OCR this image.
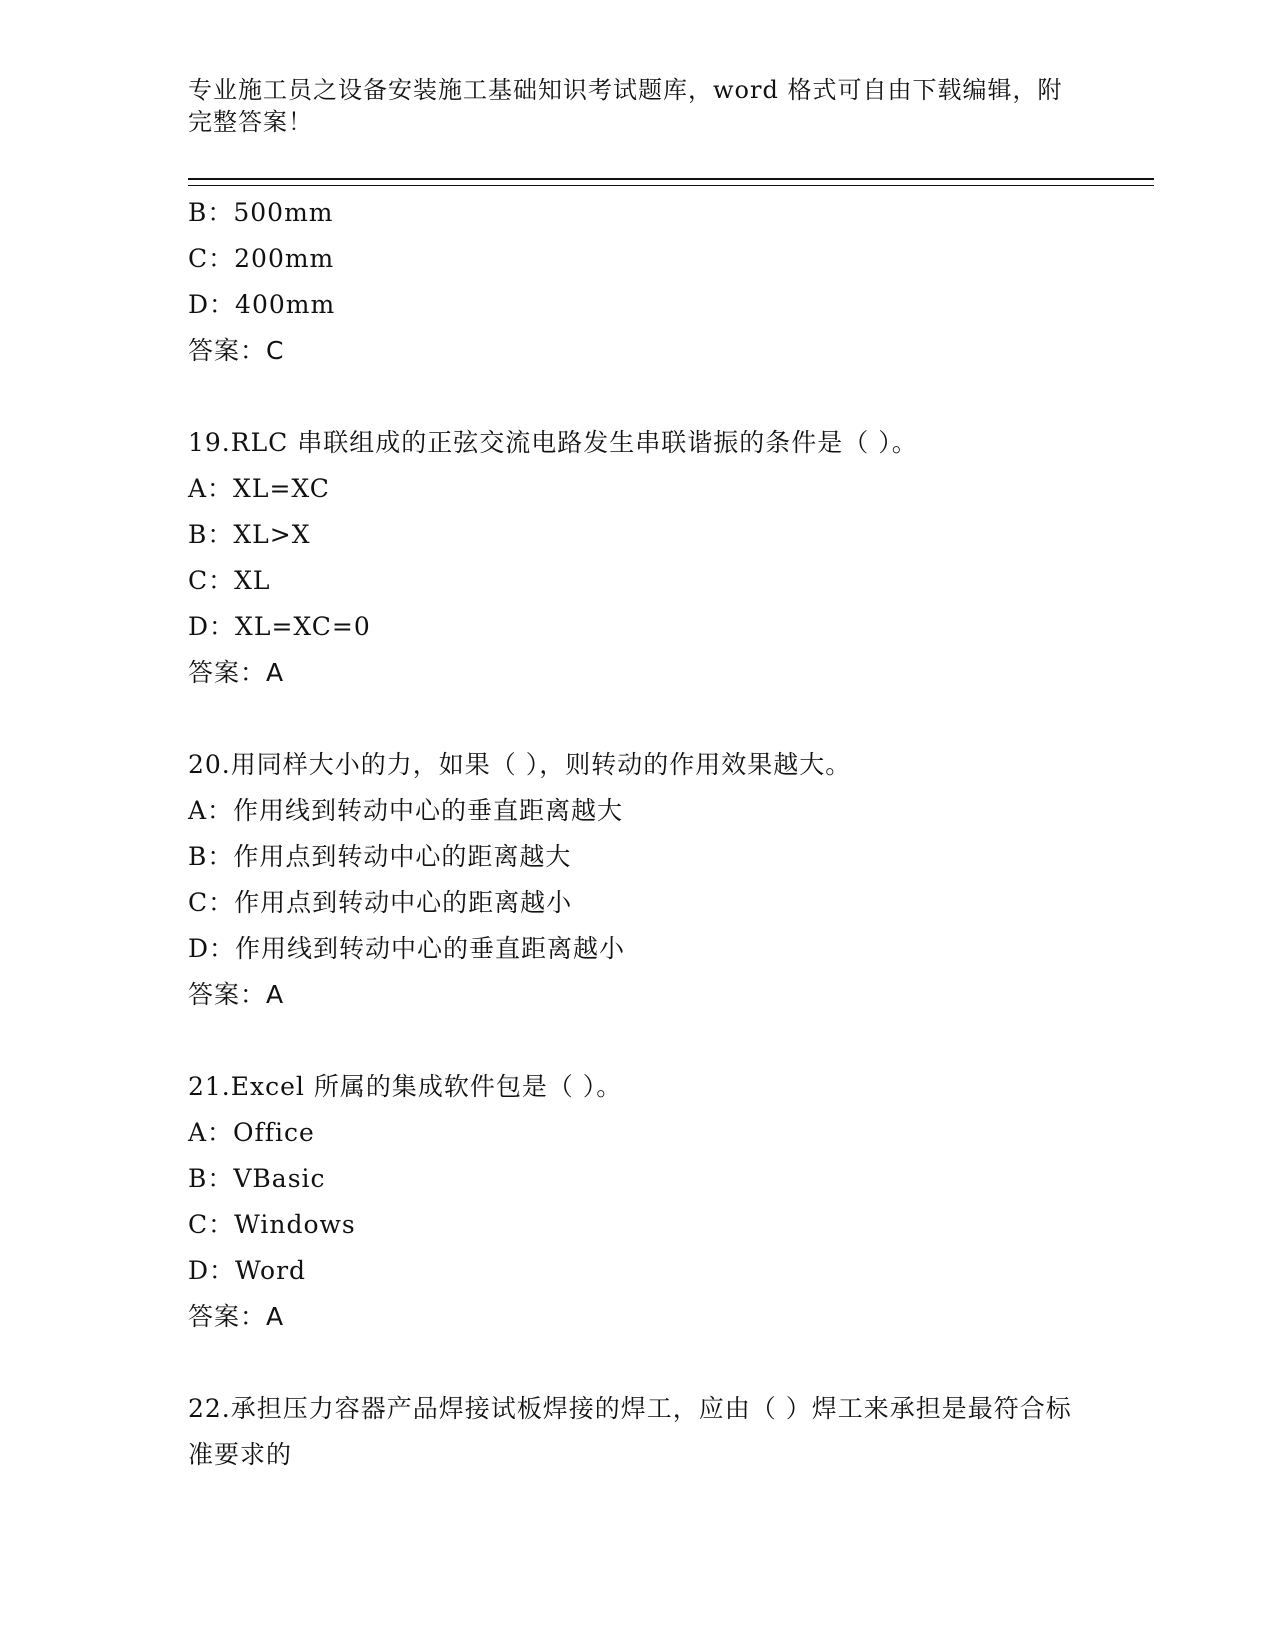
专业施工员之设备安装施工基础知识考试题库，word 格式可自由下载编辑，附完整答案！
B：500mm
C：200mm
D：400mm
答案：C
19.RLC 串联组成的正弦交流电路发生串联谐振的条件是（ ）。
A：XL=XC
B：XL>X
C：XL
D：XL=XC=0
答案：A
20.用同样大小的力，如果（ ），则转动的作用效果越大。
A：作用线到转动中心的垂直距离越大
B：作用点到转动中心的距离越大
C：作用点到转动中心的距离越小
D：作用线到转动中心的垂直距离越小
答案：A
21.Excel 所属的集成软件包是（ ）。
A：Office
B：VBasic
C：Windows
D：Word
答案：A
22.承担压力容器产品焊接试板焊接的焊工，应由（ ）焊工来承担是最符合标准要求的
